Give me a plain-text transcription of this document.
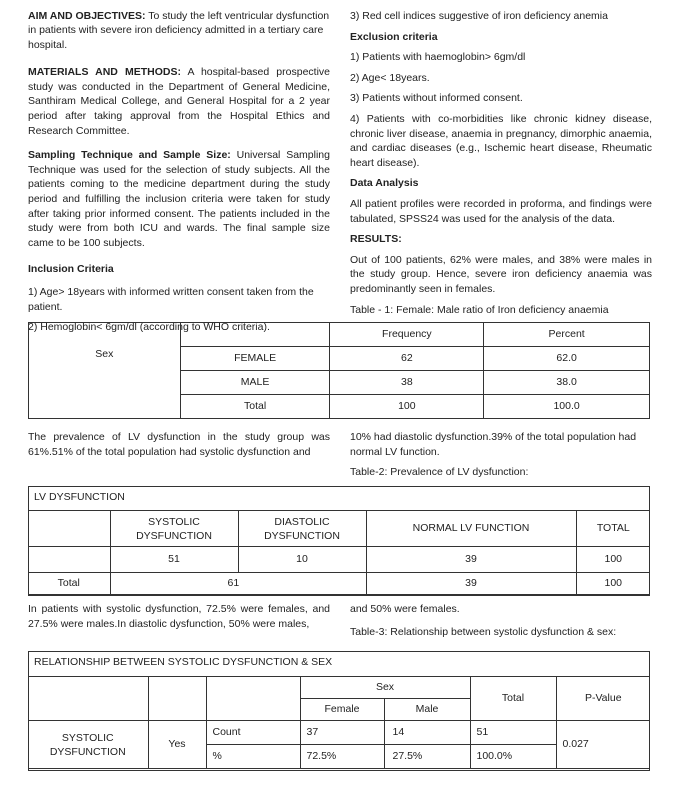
AIM AND OBJECTIVES: To study the left ventricular dysfunction in patients with severe iron deficiency admitted in a tertiary care hospital.

MATERIALS AND METHODS: A hospital-based prospective study was conducted in the Department of General Medicine, Santhiram Medical College, and General Hospital for a 2 year period after taking approval from the Hospital Ethics and Research Committee.

Sampling Technique and Sample Size: Universal Sampling Technique was used for the selection of study subjects. All the patients coming to the medicine department during the study period and fulfilling the inclusion criteria were taken for study after taking prior informed consent. The patients included in the study were from both ICU and wards. The final sample size came to be 100 subjects.

Inclusion Criteria

1) Age> 18years with informed written consent taken from the patient.

2) Hemoglobin< 6gm/dl (according to WHO criteria).

3) Red cell indices suggestive of iron deficiency anemia

Exclusion criteria

1) Patients with haemoglobin> 6gm/dl

2) Age< 18years.

3) Patients without informed consent.

4) Patients with co-morbidities like chronic kidney disease, chronic liver disease, anaemia in pregnancy, dimorphic anaemia, and cardiac diseases (e.g., Ischemic heart disease, Rheumatic heart disease).

Data Analysis

All patient profiles were recorded in proforma, and findings were tabulated, SPSS24 was used for the analysis of the data.

RESULTS:

Out of 100 patients, 62% were males, and 38% were males in the study group. Hence, severe iron deficiency anaemia was predominantly seen in females.

Table - 1: Female: Male ratio of Iron deficiency anaemia

		Frequency	Percent
Sex	FEMALE	62	62.0
	MALE	38	38.0
	Total	100	100.0

The prevalence of LV dysfunction in the study group was 61%.51% of the total population had systolic dysfunction and

10% had diastolic dysfunction.39% of the total population had normal LV function.

Table-2: Prevalence of LV dysfunction:

LV DYSFUNCTION
	SYSTOLIC DYSFUNCTION	DIASTOLIC DYSFUNCTION	NORMAL LV FUNCTION	TOTAL
	51	10	39	100
Total	61		39	100

In patients with systolic dysfunction, 72.5% were females, and 27.5% were males.In diastolic dysfunction, 50% were males,

and 50% were females.

Table-3: Relationship between systolic dysfunction & sex:

RELATIONSHIP BETWEEN SYSTOLIC DYSFUNCTION & SEX
			Sex		Total	P-Value
			Female	Male		
SYSTOLIC DYSFUNCTION	Yes	Count	37	14	51	0.027
		%	72.5%	27.5%	100.0%	
